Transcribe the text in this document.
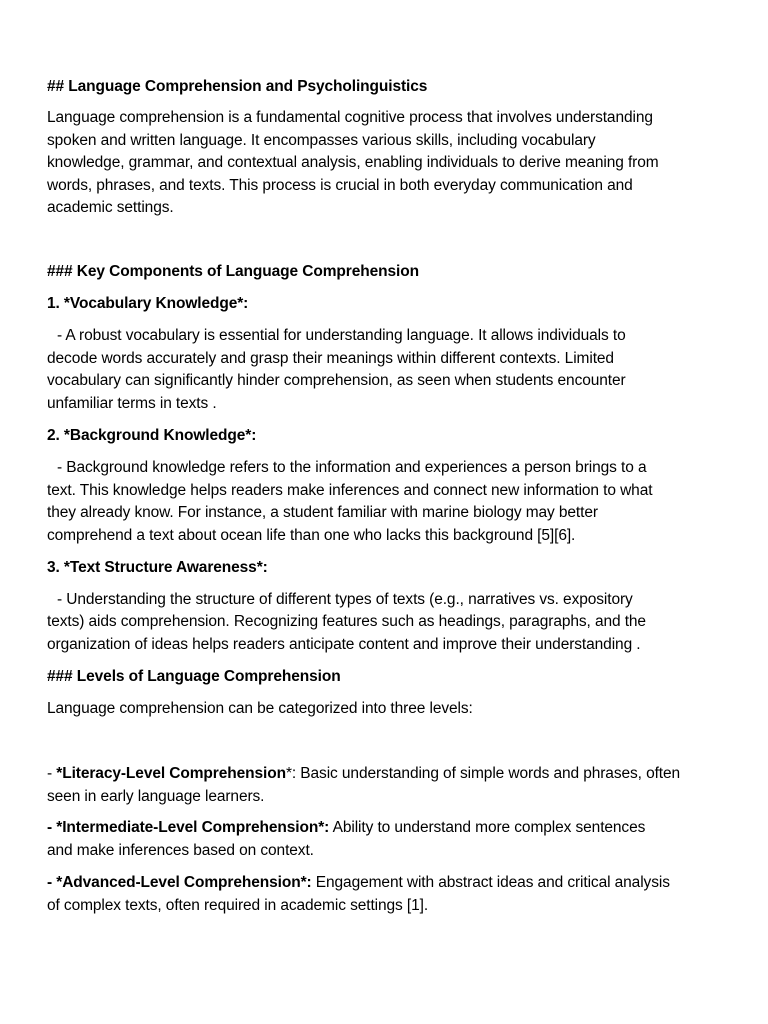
## Language Comprehension and Psycholinguistics
Language comprehension is a fundamental cognitive process that involves understanding
spoken and written language. It encompasses various skills, including vocabulary
knowledge, grammar, and contextual analysis, enabling individuals to derive meaning from
words, phrases, and texts. This process is crucial in both everyday communication and
academic settings.
### Key Components of Language Comprehension
1. *Vocabulary Knowledge*:
- A robust vocabulary is essential for understanding language. It allows individuals to
decode words accurately and grasp their meanings within different contexts. Limited
vocabulary can significantly hinder comprehension, as seen when students encounter
unfamiliar terms in texts .
2. *Background Knowledge*:
- Background knowledge refers to the information and experiences a person brings to a
text. This knowledge helps readers make inferences and connect new information to what
they already know. For instance, a student familiar with marine biology may better
comprehend a text about ocean life than one who lacks this background [5][6].
3. *Text Structure Awareness*:
- Understanding the structure of different types of texts (e.g., narratives vs. expository
texts) aids comprehension. Recognizing features such as headings, paragraphs, and the
organization of ideas helps readers anticipate content and improve their understanding .
### Levels of Language Comprehension
Language comprehension can be categorized into three levels:
- *Literacy-Level Comprehension*: Basic understanding of simple words and phrases, often
seen in early language learners.
- *Intermediate-Level Comprehension*: Ability to understand more complex sentences
and make inferences based on context.
- *Advanced-Level Comprehension*: Engagement with abstract ideas and critical analysis
of complex texts, often required in academic settings [1].
